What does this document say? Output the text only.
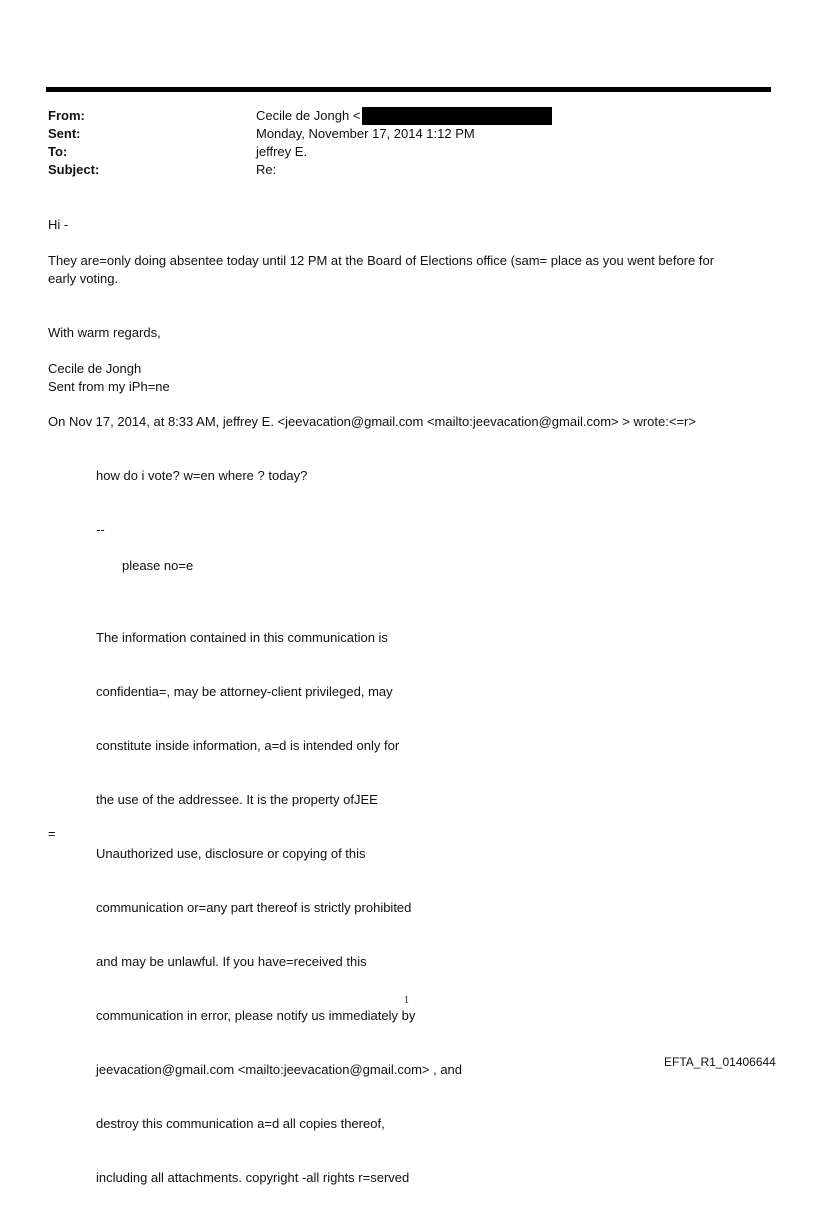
From:	Cecile de Jongh <
Sent:	Monday, November 17, 2014 1:12 PM
To:	jeffrey E.
Subject:	Re:
Hi -
They are=only doing absentee today until 12 PM at the Board of Elections office (sam= place as you went before for
early voting.
With warm regards,
Cecile de Jongh
Sent from my iPh=ne
On Nov 17, 2014, at 8:33 AM, jeffrey E. <jeevacation@gmail.com <mailto:jeevacation@gmail.com> > wrote:<=r>
how do i vote? w=en where ? today?
--
please no=e

The information contained in this communication is

confidentia=, may be attorney-client privileged, may

constitute inside information, a=d is intended only for

the use of the addressee. It is the property ofJEE

Unauthorized use, disclosure or copying of this

communication or=any part thereof is strictly prohibited

and may be unlawful. If you have=received this

communication in error, please notify us immediately by

jeevacation@gmail.com <mailto:jeevacation@gmail.com> , and

destroy this communication a=d all copies thereof,

including all attachments. copyright -all rights r=served

=
1
EFTA_R1_01406644
